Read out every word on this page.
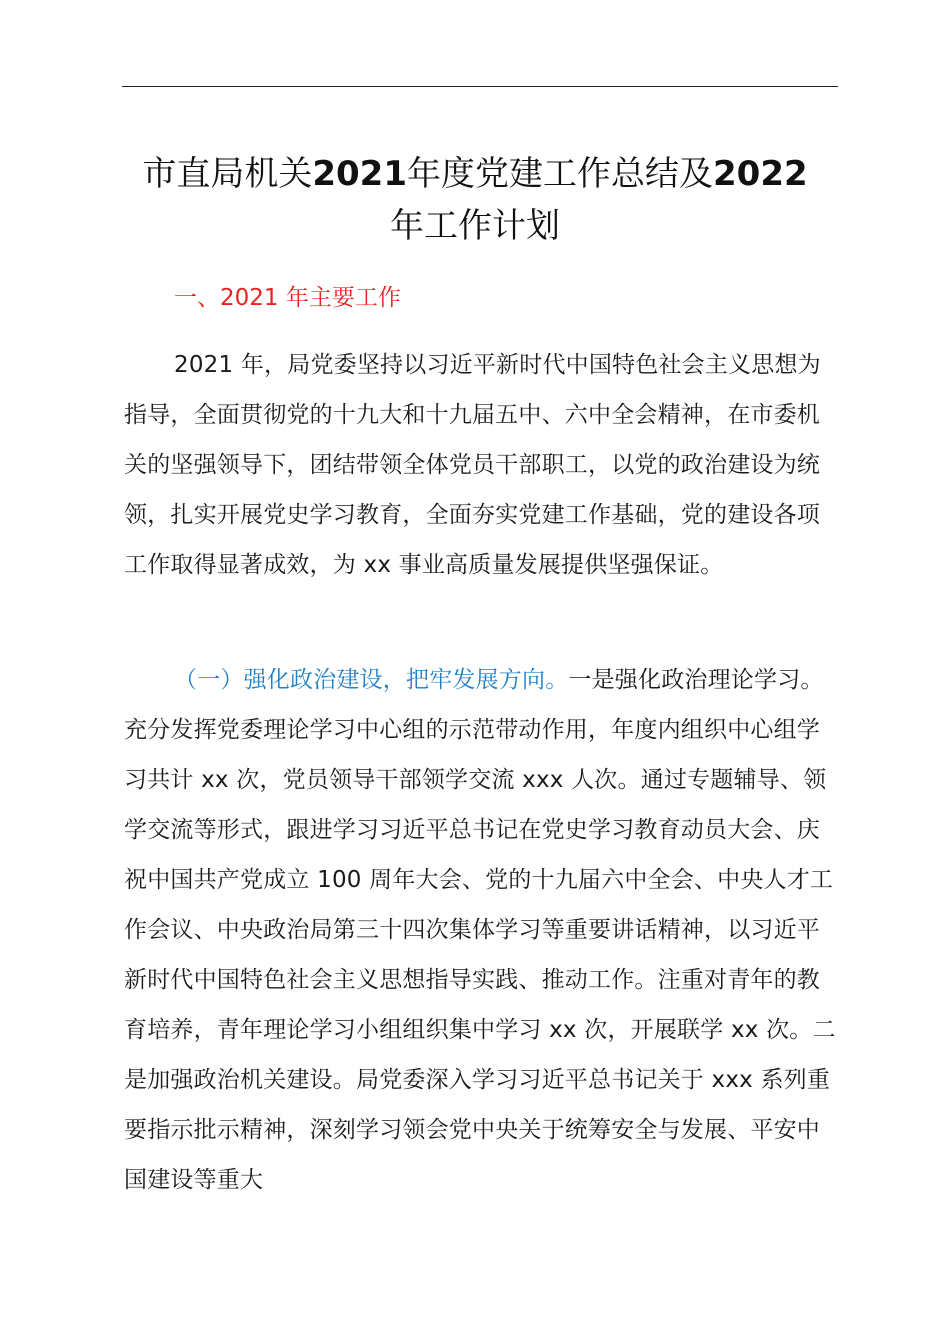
市直局机关2021年度党建工作总结及2022
年工作计划
一、2021 年主要工作

2021 年，局党委坚持以习近平新时代中国特色社会主义思想为指导，全面贯彻党的十九大和十九届五中、六中全会精神，在市委机关的坚强领导下，团结带领全体党员干部职工，以党的政治建设为统领，扎实开展党史学习教育，全面夯实党建工作基础，党的建设各项工作取得显著成效，为 xx 事业高质量发展提供坚强保证。

（一）强化政治建设，把牢发展方向。一是强化政治理论学习。充分发挥党委理论学习中心组的示范带动作用，年度内组织中心组学习共计 xx 次，党员领导干部领学交流 xxx 人次。通过专题辅导、领学交流等形式，跟进学习习近平总书记在党史学习教育动员大会、庆祝中国共产党成立 100 周年大会、党的十九届六中全会、中央人才工作会议、中央政治局第三十四次集体学习等重要讲话精神，以习近平新时代中国特色社会主义思想指导实践、推动工作。注重对青年的教育培养，青年理论学习小组组织集中学习 xx 次，开展联学 xx 次。二是加强政治机关建设。局党委深入学习习近平总书记关于 xxx 系列重要指示批示精神，深刻学习领会党中央关于统筹安全与发展、平安中国建设等重大
